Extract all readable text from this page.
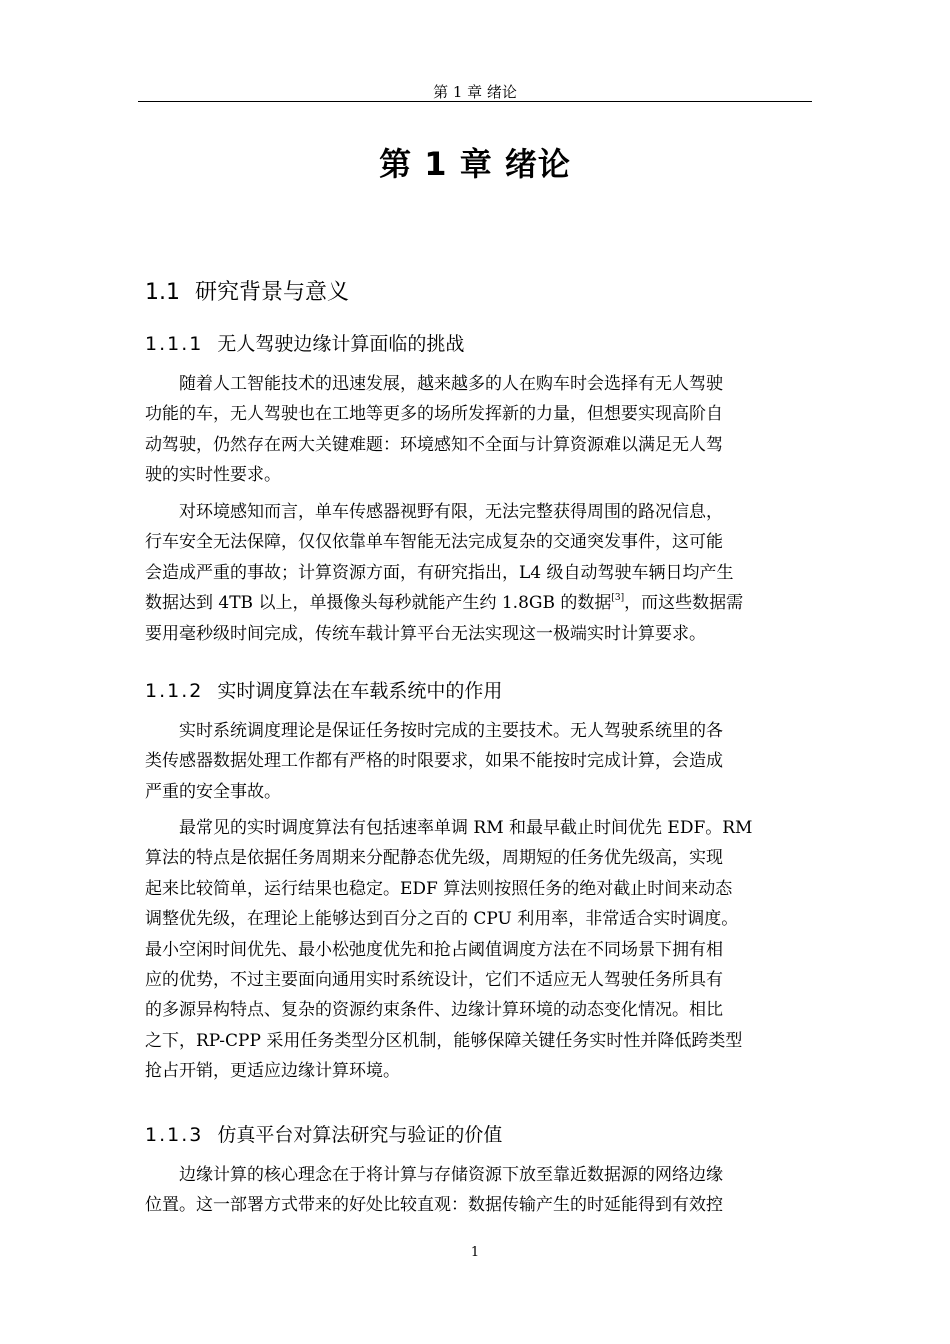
第 1 章 绪论
第 1 章 绪论
1.1 研究背景与意义
1.1.1 无人驾驶边缘计算面临的挑战
随着人工智能技术的迅速发展，越来越多的人在购车时会选择有无人驾驶
功能的车，无人驾驶也在工地等更多的场所发挥新的力量，但想要实现高阶自
动驾驶，仍然存在两大关键难题：环境感知不全面与计算资源难以满足无人驾
驶的实时性要求。
对环境感知而言，单车传感器视野有限，无法完整获得周围的路况信息，
行车安全无法保障，仅仅依靠单车智能无法完成复杂的交通突发事件，这可能
会造成严重的事故；计算资源方面，有研究指出，L4 级自动驾驶车辆日均产生
数据达到 4TB 以上，单摄像头每秒就能产生约 1.8GB 的数据[3]，而这些数据需
要用毫秒级时间完成，传统车载计算平台无法实现这一极端实时计算要求。
1.1.2 实时调度算法在车载系统中的作用
实时系统调度理论是保证任务按时完成的主要技术。无人驾驶系统里的各
类传感器数据处理工作都有严格的时限要求，如果不能按时完成计算，会造成
严重的安全事故。
最常见的实时调度算法有包括速率单调 RM 和最早截止时间优先 EDF。RM
算法的特点是依据任务周期来分配静态优先级，周期短的任务优先级高，实现
起来比较简单，运行结果也稳定。EDF 算法则按照任务的绝对截止时间来动态
调整优先级，在理论上能够达到百分之百的 CPU 利用率，非常适合实时调度。
最小空闲时间优先、最小松弛度优先和抢占阈值调度方法在不同场景下拥有相
应的优势，不过主要面向通用实时系统设计，它们不适应无人驾驶任务所具有
的多源异构特点、复杂的资源约束条件、边缘计算环境的动态变化情况。相比
之下，RP-CPP 采用任务类型分区机制，能够保障关键任务实时性并降低跨类型
抢占开销，更适应边缘计算环境。
1.1.3 仿真平台对算法研究与验证的价值
边缘计算的核心理念在于将计算与存储资源下放至靠近数据源的网络边缘
位置。这一部署方式带来的好处比较直观：数据传输产生的时延能得到有效控
1
